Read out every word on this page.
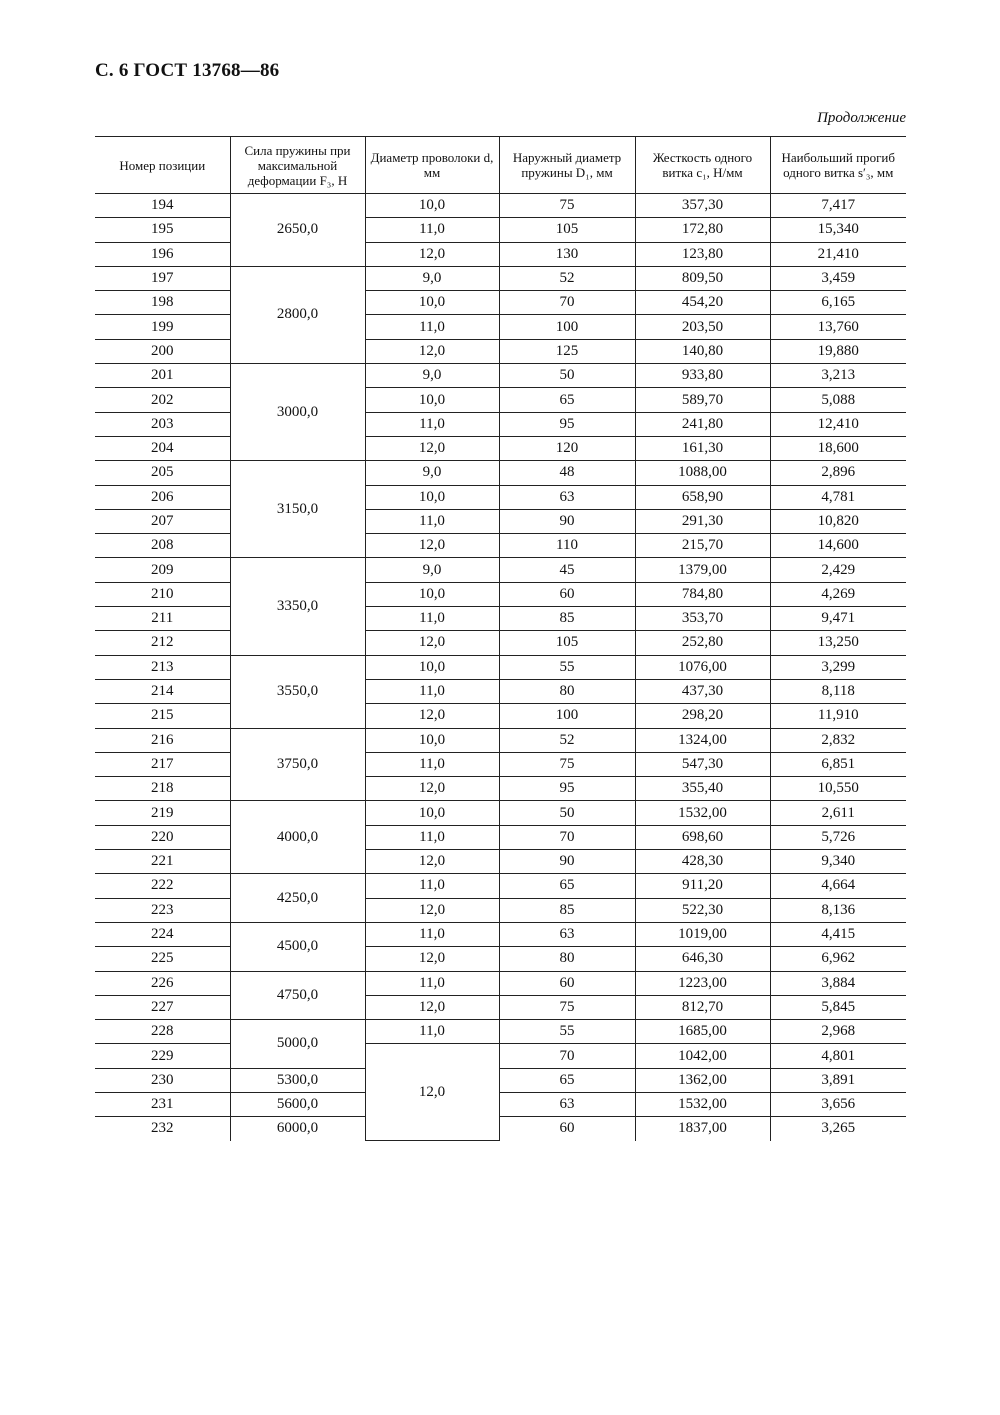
С. 6 ГОСТ 13768—86
Продолжение
Номер позиции	Сила пружины при максимальной деформации F₃, Н	Диаметр проволоки d, мм	Наружный диаметр пружины D₁, мм	Жесткость одного витка c₁, Н/мм	Наибольший прогиб одного витка s′₃, мм
194	2650,0	10,0	75	357,30	7,417
195		11,0	105	172,80	15,340
196		12,0	130	123,80	21,410
197	2800,0	9,0	52	809,50	3,459
198		10,0	70	454,20	6,165
199		11,0	100	203,50	13,760
200		12,0	125	140,80	19,880
201	3000,0	9,0	50	933,80	3,213
202		10,0	65	589,70	5,088
203		11,0	95	241,80	12,410
204		12,0	120	161,30	18,600
205	3150,0	9,0	48	1088,00	2,896
206		10,0	63	658,90	4,781
207		11,0	90	291,30	10,820
208		12,0	110	215,70	14,600
209	3350,0	9,0	45	1379,00	2,429
210		10,0	60	784,80	4,269
211		11,0	85	353,70	9,471
212		12,0	105	252,80	13,250
213	3550,0	10,0	55	1076,00	3,299
214		11,0	80	437,30	8,118
215		12,0	100	298,20	11,910
216	3750,0	10,0	52	1324,00	2,832
217		11,0	75	547,30	6,851
218		12,0	95	355,40	10,550
219	4000,0	10,0	50	1532,00	2,611
220		11,0	70	698,60	5,726
221		12,0	90	428,30	9,340
222	4250,0	11,0	65	911,20	4,664
223		12,0	85	522,30	8,136
224	4500,0	11,0	63	1019,00	4,415
225		12,0	80	646,30	6,962
226	4750,0	11,0	60	1223,00	3,884
227		12,0	75	812,70	5,845
228	5000,0	11,0	55	1685,00	2,968
229		12,0	70	1042,00	4,801
230	5300,0		65	1362,00	3,891
231	5600,0		63	1532,00	3,656
232	6000,0		60	1837,00	3,265
